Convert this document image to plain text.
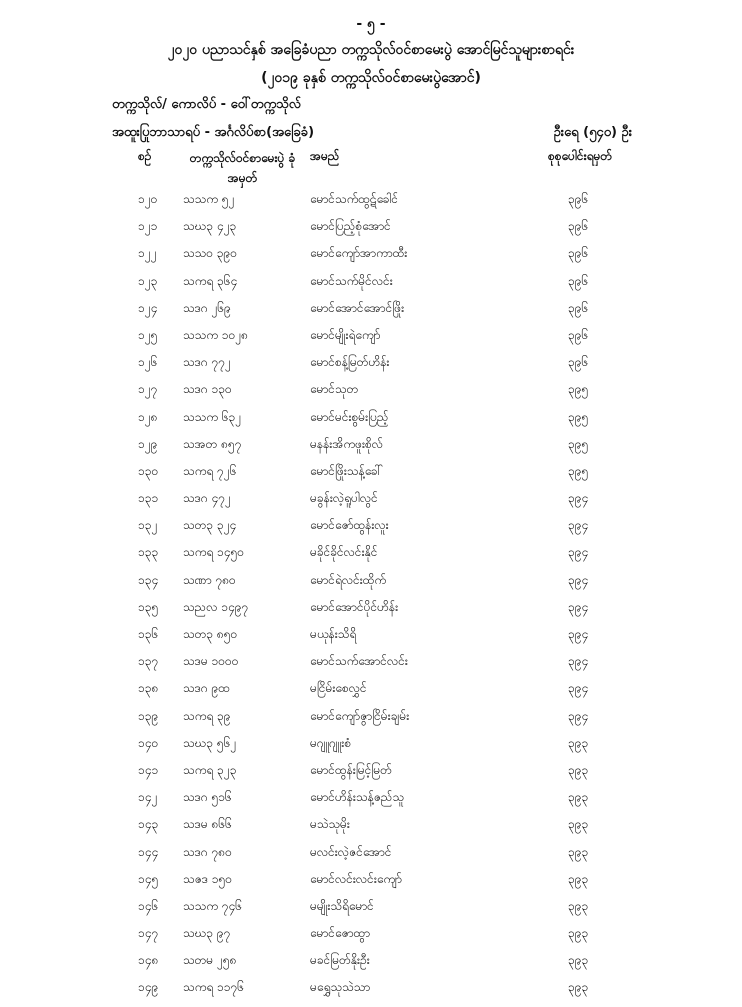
- ၅ -
၂၀၂၀ ပညာသင်နှစ် အခြေခံပညာ တက္ကသိုလ်ဝင်စာမေးပွဲ အောင်မြင်သူများစာရင်း
(၂၀၁၉ ခုနှစ် တက္ကသိုလ်ဝင်စာမေးပွဲအောင်)
တက္ကသိုလ်/ ကောလိပ် - ဝေါ်တက္ကသိုလ်
အထူးပြုဘာသာရပ် - အင်္ဂလိပ်စာ(အခြေခံ)	ဦးရေ (၅၄၀) ဦး
စဉ်	တက္ကသိုလ်ဝင်စာမေးပွဲ ခုံအမှတ်
အမည်	စုစုပေါင်းရမှတ်
၁၂၀ သသက ၅၂	မောင်သက်ထွဋ်ခေါင်	၃၉၆
၁၂၁ သဃ၃ ၄၂၃	မောင်ပြည့်စုံအောင်	၃၉၆
၁၂၂ သသဝ ၃၉၀	မောင်ကျော်အာကာထီး	၃၉၆
၁၂၃ သကရ ၃၆၄	မောင်သက်မိုင်လင်း	၃၉၆
၁၂၄ သဒဂ ၂၆၉	မောင်အောင်အောင်ဖြိုး	၃၉၆
၁၂၅ သသက ၁၀၂၈	မောင်မျိုးရဲကျော်	၃၉၆
၁၂၆ သဒဂ ၇၇၂	မောင်စန့်မြတ်ဟိန်း	၃၉၆
၁၂၇ သဒဂ ၁၃၀	မောင်သုတ	၃၉၅
၁၂၈ သသက ၆၃၂	မောင်မင်းစွမ်းပြည့်	၃၉၅
၁၂၉ သအတ ၈၅၇	မနန်းအိကဖူးစိုလ်	၃၉၅
၁၃၀ သကရ ၇၂၆	မောင်ဖြိုးသန့်ခေါ်	၃၉၅
၁၃၁ သဒဂ ၄၇၂	မခွန်းလဲ့ရူပါလွင်	၃၉၄
၁၃၂ သတ၃ ၃၂၄	မောင်ဇော်ထွန်းလူး	၃၉၄
၁၃၃ သကရ ၁၄၅၀	မခိုင်ခိုင်လင်းနိုင်	၃၉၄
၁၃၄ သဏာ ၇၈၀	မောင်ရဲလင်းထိုက်	၃၉၄
၁၃၅ သညလ ၁၄၉၇	မောင်အောင်ပိုင်ဟိန်း	၃၉၄
၁၃၆ သတ၃ ၈၅၀	မယုန်းသိရိ	၃၉၄
၁၃၇ သဒမ ၁၀၀၀	မောင်သက်အောင်လင်း	၃၉၄
၁၃၈ သဒဂ ၉ထ	မငြိမ်းစေလွှင်	၃၉၄
၁၃၉ သကရ ၃၉	မောင်ကျော်ဇွာငြိမ်းချမ်း	၃၉၄
၁၄၀ သဃ၃ ၅၆၂	မဂျူဂျူးစံ	၃၉၃
၁၄၁ သကရ ၃၂၃	မောင်ထွန်းမြင့်မြတ်	၃၉၃
၁၄၂ သဒဂ ၅၁၆	မောင်ဟိန်းသန့်ဇည်သူ	၃၉၃
၁၄၃ သဒမ ၈၆၆	မသဲသုမိုး	၃၉၃
၁၄၄ သဒဂ ၇၈၀	မလင်းလဲ့ဇင်အောင်	၃၉၃
၁၄၅ သဇဒ ၁၅၀	မောင်လင်းလင်းကျော်	၃၉၃
၁၄၆ သသက ၇၄၆	မမျိုးသိရိမောင်	၃၉၃
၁၄၇ သဃ၃ ၉၇	မောင်ဇောထွာ	၃၉၃
၁၄၈ သတမ ၂၅၈	မခင်မြတ်နိုးဦး	၃၉၃
၁၄၉ သကရ ၁၁၇၆	မရွှေသုသဲသာ	၃၉၃
